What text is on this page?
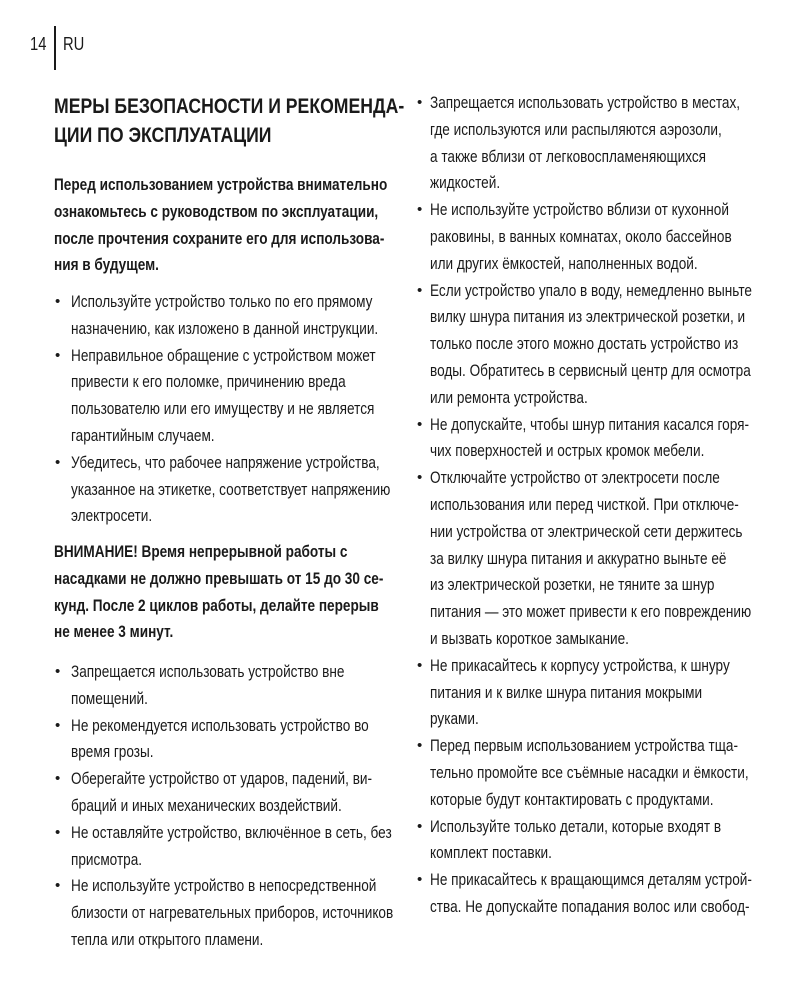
14 RU
МЕРЫ БЕЗОПАСНОСТИ И РЕКОМЕНДА-
ЦИИ ПО ЭКСПЛУАТАЦИИ
Перед использованием устройства внимательно
ознакомьтесь с руководством по эксплуатации,
после прочтения сохраните его для использова-
ния в будущем.
• Используйте устройство только по его прямому
назначению, как изложено в данной инструкции.
• Неправильное обращение с устройством может
привести к его поломке, причинению вреда
пользователю или его имуществу и не является
гарантийным случаем.
• Убедитесь, что рабочее напряжение устройства,
указанное на этикетке, соответствует напряжению
электросети.
ВНИМАНИЕ! Время непрерывной работы с
насадками не должно превышать от 15 до 30 се-
кунд. После 2 циклов работы, делайте перерыв
не менее 3 минут.
• Запрещается использовать устройство вне
помещений.
• Не рекомендуется использовать устройство во
время грозы.
• Оберегайте устройство от ударов, падений, ви-
браций и иных механических воздействий.
• Не оставляйте устройство, включённое в сеть, без
присмотра.
• Не используйте устройство в непосредственной
близости от нагревательных приборов, источников
тепла или открытого пламени.
• Запрещается использовать устройство в местах,
где используются или распыляются аэрозоли,
а также вблизи от легковоспламеняющихся
жидкостей.
• Не используйте устройство вблизи от кухонной
раковины, в ванных комнатах, около бассейнов
или других ёмкостей, наполненных водой.
• Если устройство упало в воду, немедленно выньте
вилку шнура питания из электрической розетки, и
только после этого можно достать устройство из
воды. Обратитесь в сервисный центр для осмотра
или ремонта устройства.
• Не допускайте, чтобы шнур питания касался горя-
чих поверхностей и острых кромок мебели.
• Отключайте устройство от электросети после
использования или перед чисткой. При отключе-
нии устройства от электрической сети держитесь
за вилку шнура питания и аккуратно выньте её
из электрической розетки, не тяните за шнур
питания — это может привести к его повреждению
и вызвать короткое замыкание.
• Не прикасайтесь к корпусу устройства, к шнуру
питания и к вилке шнура питания мокрыми
руками.
• Перед первым использованием устройства тща-
тельно промойте все съёмные насадки и ёмкости,
которые будут контактировать с продуктами.
• Используйте только детали, которые входят в
комплект поставки.
• Не прикасайтесь к вращающимся деталям устрой-
ства. Не допускайте попадания волос или свобод-
